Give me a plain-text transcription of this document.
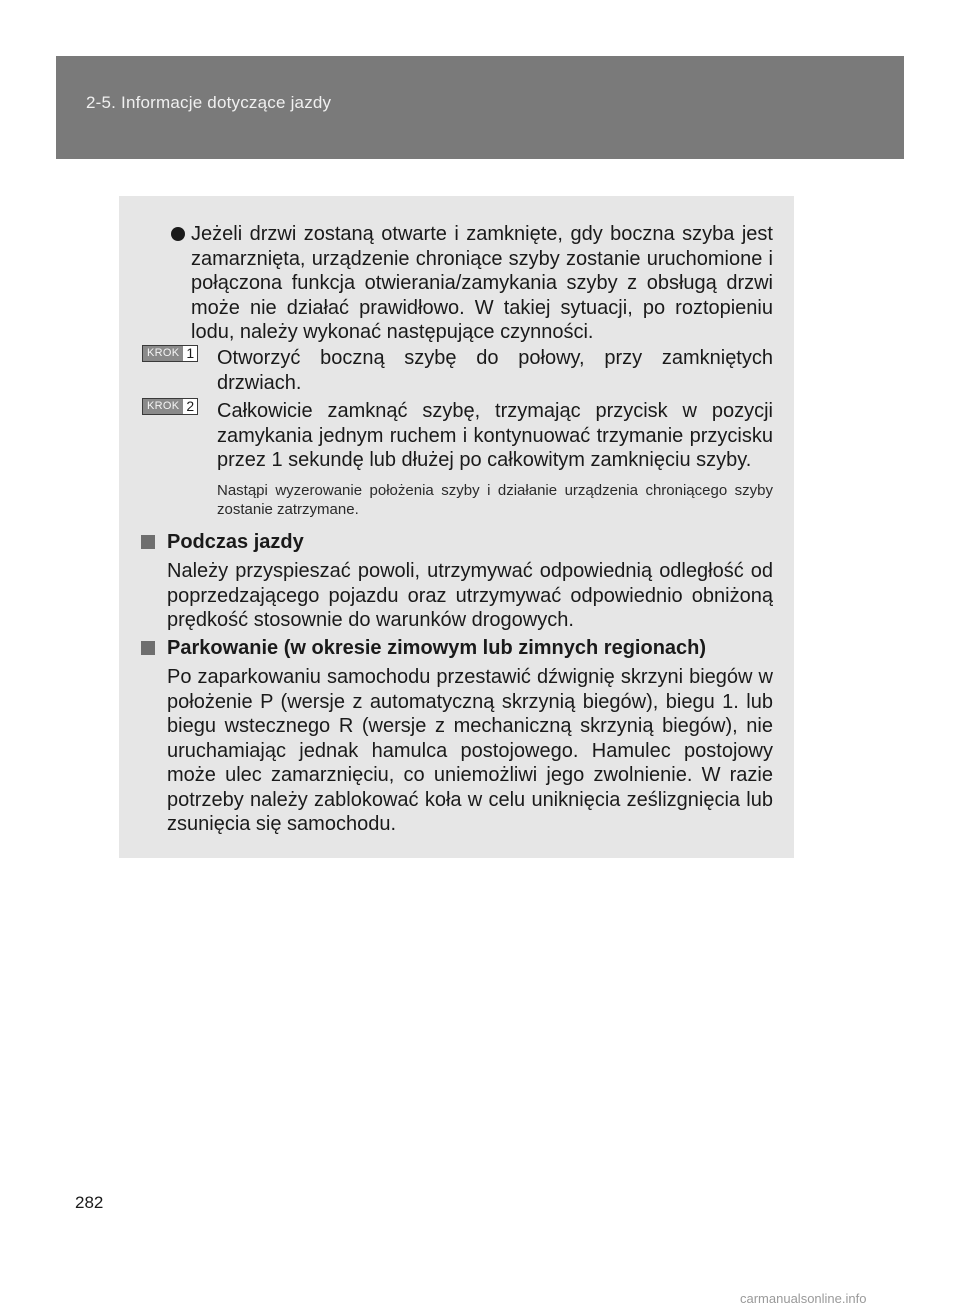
2-5. Informacje dotyczące jazdy
Jeżeli drzwi zostaną otwarte i zamknięte, gdy boczna szyba jest zamarznięta, urządzenie chroniące szyby zostanie uruchomione i połączona funkcja otwierania/zamykania szyby z obsługą drzwi może nie działać prawidłowo. W takiej sytuacji, po roztopieniu lodu, należy wykonać następujące czynności.
KROK 1 Otworzyć boczną szybę do połowy, przy zamkniętych drzwiach.
KROK 2 Całkowicie zamknąć szybę, trzymając przycisk w pozycji zamykania jednym ruchem i kontynuować trzymanie przycisku przez 1 sekundę lub dłużej po całkowitym zamknięciu szyby.
Nastąpi wyzerowanie położenia szyby i działanie urządzenia chroniącego szyby zostanie zatrzymane.
Podczas jazdy
Należy przyspieszać powoli, utrzymywać odpowiednią odległość od poprzedzającego pojazdu oraz utrzymywać odpowiednio obniżoną prędkość stosownie do warunków drogowych.
Parkowanie (w okresie zimowym lub zimnych regionach)
Po zaparkowaniu samochodu przestawić dźwignię skrzyni biegów w położenie P (wersje z automatyczną skrzynią biegów), biegu 1. lub biegu wstecznego R (wersje z mechaniczną skrzynią biegów), nie uruchamiając jednak hamulca postojowego. Hamulec postojowy może ulec zamarznięciu, co uniemożliwi jego zwolnienie. W razie potrzeby należy zablokować koła w celu uniknięcia ześlizgnięcia lub zsunięcia się samochodu.
282
carmanualsonline.info
